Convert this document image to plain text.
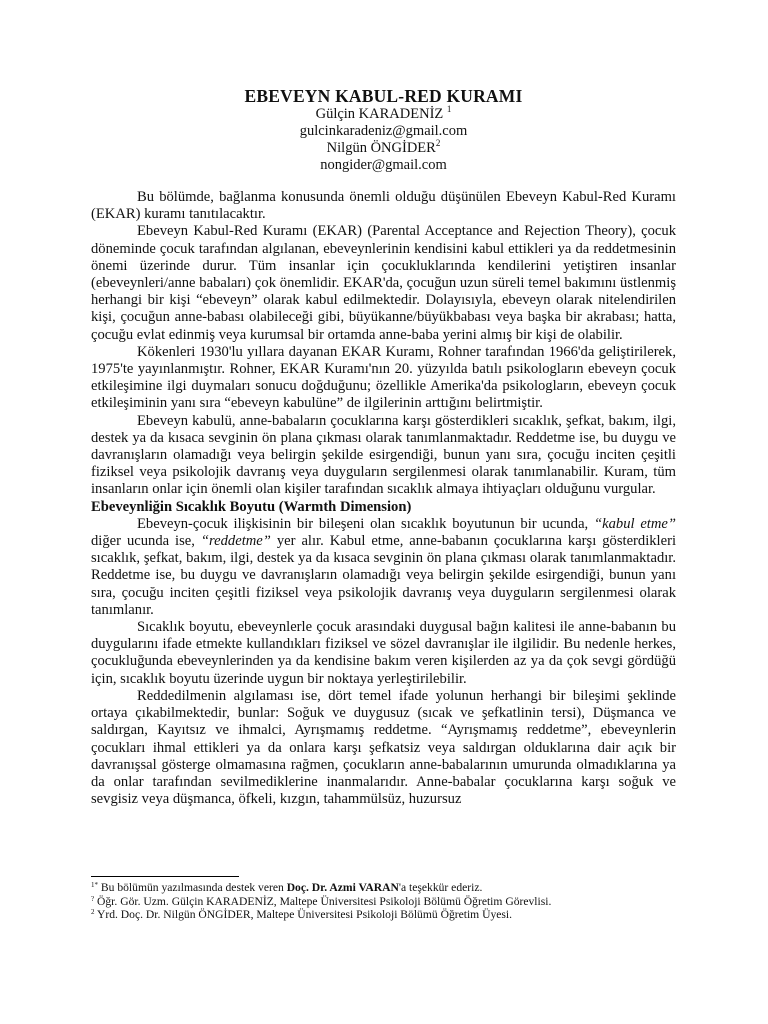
EBEVEYN KABUL-RED KURAMI

Gülçin KARADENİZ $^1$

gulcinkaradeniz@gmail.com

Nilgün ÖNGİDER$^2$

nongider@gmail.com

Bu bölümde, bağlanma konusunda önemli olduğu düşünülen Ebeveyn Kabul-Red Kuramı (EKAR) kuramı tanıtılacaktır.

Ebeveyn Kabul-Red Kuramı (EKAR) (Parental Acceptance and Rejection Theory), çocuk döneminde çocuk tarafından algılanan, ebeveynlerinin kendisini kabul ettikleri ya da reddetmesinin önemi üzerinde durur. Tüm insanlar için çocukluklarında kendilerini yetiştiren insanlar (ebeveynleri/anne babaları) çok önemlidir. EKAR'da, çocuğun uzun süreli temel bakımını üstlenmiş herhangi bir kişi “ebeveyn” olarak kabul edilmektedir. Dolayısıyla, ebeveyn olarak nitelendirilen kişi, çocuğun anne-babası olabileceği gibi, büyükanne/büyükbabası veya başka bir akrabası; hatta, çocuğu evlat edinmiş veya kurumsal bir ortamda anne-baba yerini almış bir kişi de olabilir.

Kökenleri 1930'lu yıllara dayanan EKAR Kuramı, Rohner tarafından 1966'da geliştirilerek, 1975'te yayınlanmıştır. Rohner, EKAR Kuramı'nın 20. yüzyılda batılı psikologların ebeveyn çocuk etkileşimine ilgi duymaları sonucu doğduğunu; özellikle Amerika'da psikologların, ebeveyn çocuk etkileşiminin yanı sıra “ebeveyn kabulüne” de ilgilerinin arttığını belirtmiştir.

Ebeveyn kabulü, anne-babaların çocuklarına karşı gösterdikleri sıcaklık, şefkat, bakım, ilgi, destek ya da kısaca sevginin ön plana çıkması olarak tanımlanmaktadır. Reddetme ise, bu duygu ve davranışların olamadığı veya belirgin şekilde esirgendiği, bunun yanı sıra, çocuğu inciten çeşitli fiziksel veya psikolojik davranış veya duyguların sergilenmesi olarak tanımlanabilir. Kuram, tüm insanların onlar için önemli olan kişiler tarafından sıcaklık almaya ihtiyaçları olduğunu vurgular.

Ebeveynliğin Sıcaklık Boyutu (Warmth Dimension)

Ebeveyn-çocuk ilişkisinin bir bileşeni olan sıcaklık boyutunun bir ucunda, “kabul etme” diğer ucunda ise, “reddetme” yer alır. Kabul etme, anne-babanın çocuklarına karşı gösterdikleri sıcaklık, şefkat, bakım, ilgi, destek ya da kısaca sevginin ön plana çıkması olarak tanımlanmaktadır. Reddetme ise, bu duygu ve davranışların olamadığı veya belirgin şekilde esirgendiği, bunun yanı sıra, çocuğu inciten çeşitli fiziksel veya psikolojik davranış veya duyguların sergilenmesi olarak tanımlanır.

Sıcaklık boyutu, ebeveynlerle çocuk arasındaki duygusal bağın kalitesi ile anne-babanın bu duygularını ifade etmekte kullandıkları fiziksel ve sözel davranışlar ile ilgilidir. Bu nedenle herkes, çocukluğunda ebeveynlerinden ya da kendisine bakım veren kişilerden az ya da çok sevgi gördüğü için, sıcaklık boyutu üzerinde uygun bir noktaya yerleştirilebilir.

Reddedilmenin algılaması ise, dört temel ifade yolunun herhangi bir bileşimi şeklinde ortaya çıkabilmektedir, bunlar: Soğuk ve duygusuz (sıcak ve şefkatlinin tersi), Düşmanca ve saldırgan, Kayıtsız ve ihmalci, Ayrışmamış reddetme. “Ayrışmamış reddetme”, ebeveynlerin çocukları ihmal ettikleri ya da onlara karşı şefkatsiz veya saldırgan olduklarına dair açık bir davranışsal gösterge olmamasına rağmen, çocukların anne-babalarının umurunda olmadıklarına ya da onlar tarafından sevilmediklerine inanmalarıdır. Anne-babalar çocuklarına karşı soğuk ve sevgisiz veya düşmanca, öfkeli, kızgın, tahammülsüz, huzursuz

$^{1*}$ Bu bölümün yazılmasında destek veren Doç. Dr. Azmi VARAN'a teşekkür ederiz.

? Öğr. Gör. Uzm. Gülçin KARADENİZ, Maltepe Üniversitesi Psikoloji Bölümü Öğretim Görevlisi.

$^2$ Yrd. Doç. Dr. Nilgün ÖNGİDER, Maltepe Üniversitesi Psikoloji Bölümü Öğretim Üyesi.
